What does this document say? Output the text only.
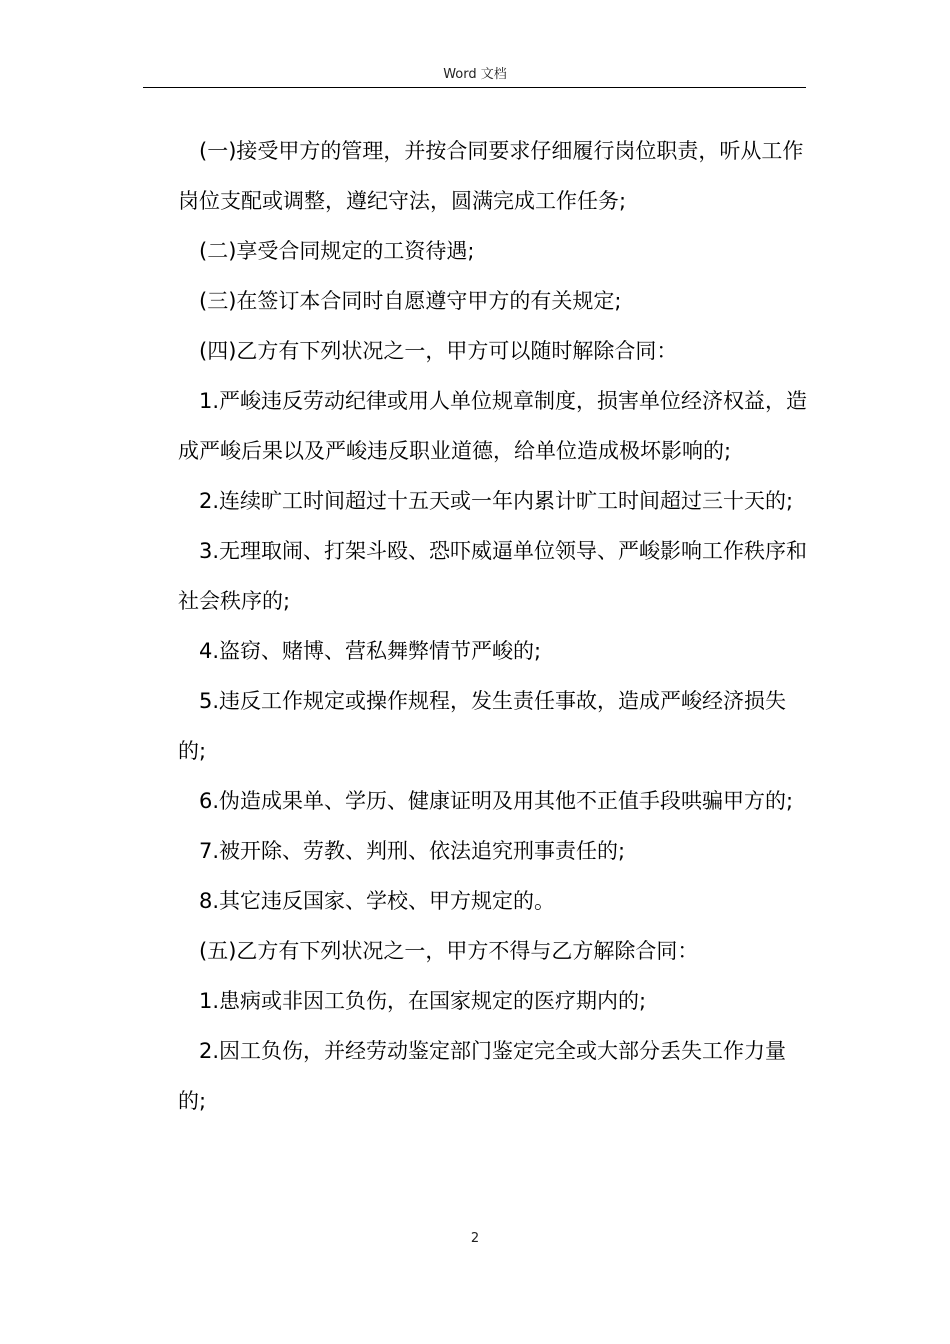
Word 文档

(一)接受甲方的管理，并按合同要求仔细履行岗位职责，听从工作岗位支配或调整，遵纪守法，圆满完成工作任务;

(二)享受合同规定的工资待遇;

(三)在签订本合同时自愿遵守甲方的有关规定;

(四)乙方有下列状况之一，甲方可以随时解除合同：

1.严峻违反劳动纪律或用人单位规章制度，损害单位经济权益，造成严峻后果以及严峻违反职业道德，给单位造成极坏影响的;

2.连续旷工时间超过十五天或一年内累计旷工时间超过三十天的;

3.无理取闹、打架斗殴、恐吓威逼单位领导、严峻影响工作秩序和社会秩序的;

4.盗窃、赌博、营私舞弊情节严峻的;

5.违反工作规定或操作规程，发生责任事故，造成严峻经济损失的;

6.伪造成果单、学历、健康证明及用其他不正值手段哄骗甲方的;

7.被开除、劳教、判刑、依法追究刑事责任的;

8.其它违反国家、学校、甲方规定的。

(五)乙方有下列状况之一，甲方不得与乙方解除合同：

1.患病或非因工负伤，在国家规定的医疗期内的;

2.因工负伤，并经劳动鉴定部门鉴定完全或大部分丢失工作力量的;

2
